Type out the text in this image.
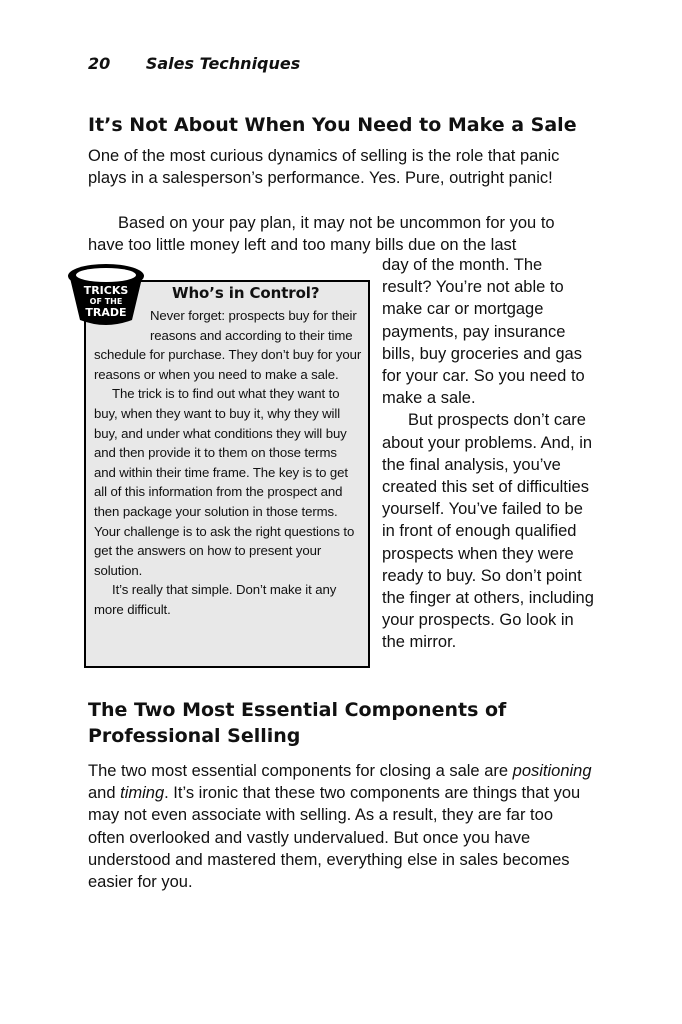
20 Sales Techniques
It’s Not About When You Need to Make a Sale

One of the most curious dynamics of selling is the role that panic plays in a salesperson’s performance. Yes. Pure, outright panic!

Based on your pay plan, it may not be uncommon for you to have too little money left and too many bills due on the last

Who’s in Control?

Never forget: prospects buy for their reasons and according to their time schedule for purchase. They don’t buy for your reasons or when you need to make a sale.

The trick is to find out what they want to buy, when they want to buy it, why they will buy, and under what conditions they will buy and then provide it to them on those terms and within their time frame. The key is to get all of this information from the prospect and then package your solution in those terms. Your challenge is to ask the right questions to get the answers on how to present your solution.

It’s really that simple. Don’t make it any more difficult.

TRICKS
OF THE
TRADE

day of the month. The result? You’re not able to make car or mortgage payments, pay insurance bills, buy groceries and gas for your car. So you need to make a sale.

But prospects don’t care about your problems. And, in the final analysis, you’ve created this set of difficulties yourself. You’ve failed to be in front of enough qualified prospects when they were ready to buy. So don’t point the finger at others, including your prospects. Go look in the mirror.

The Two Most Essential Components of
Professional Selling

The two most essential components for closing a sale are positioning and timing. It’s ironic that these two components are things that you may not even associate with selling. As a result, they are far too often overlooked and vastly undervalued. But once you have understood and mastered them, everything else in sales becomes easier for you.
